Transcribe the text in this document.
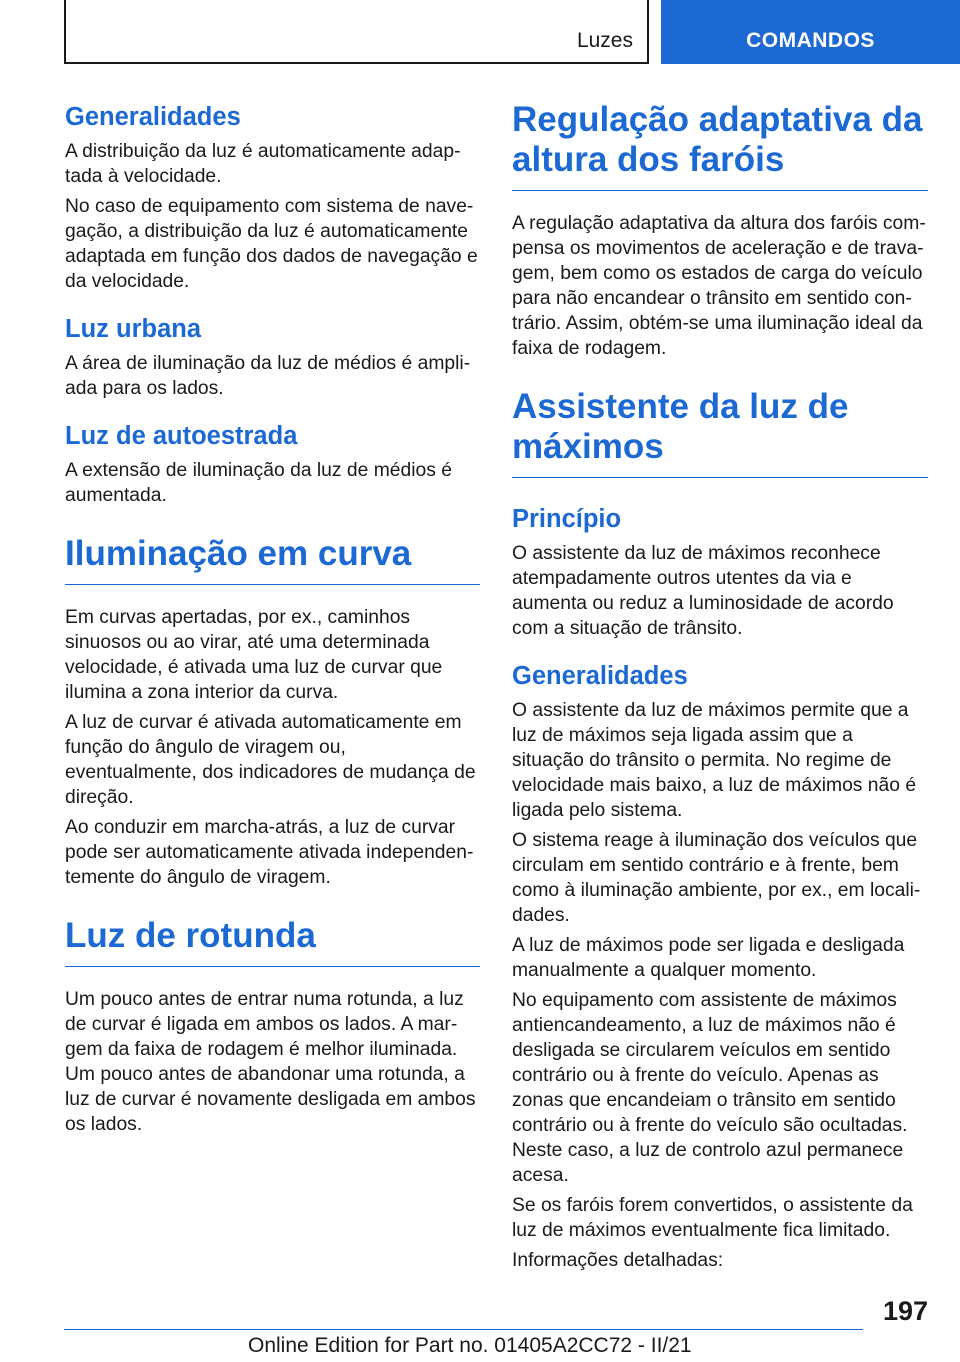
Luzes	COMANDOS
Generalidades

A distribuição da luz é automaticamente adaptada à velocidade.

No caso de equipamento com sistema de navegação, a distribuição da luz é automaticamente adaptada em função dos dados de navegação e da velocidade.

Luz urbana

A área de iluminação da luz de médios é ampliada para os lados.

Luz de autoestrada

A extensão de iluminação da luz de médios é aumentada.

Iluminação em curva

Em curvas apertadas, por ex., caminhos sinuosos ou ao virar, até uma determinada velocidade, é ativada uma luz de curvar que ilumina a zona interior da curva.

A luz de curvar é ativada automaticamente em função do ângulo de viragem ou, eventualmente, dos indicadores de mudança de direção.

Ao conduzir em marcha-atrás, a luz de curvar pode ser automaticamente ativada independentemente do ângulo de viragem.

Luz de rotunda

Um pouco antes de entrar numa rotunda, a luz de curvar é ligada em ambos os lados. A margem da faixa de rodagem é melhor iluminada. Um pouco antes de abandonar uma rotunda, a luz de curvar é novamente desligada em ambos os lados.

Regulação adaptativa da altura dos faróis

A regulação adaptativa da altura dos faróis compensa os movimentos de aceleração e de travagem, bem como os estados de carga do veículo para não encandear o trânsito em sentido contrário. Assim, obtém-se uma iluminação ideal da faixa de rodagem.

Assistente da luz de máximos
Princípio

O assistente da luz de máximos reconhece atempadamente outros utentes da via e aumenta ou reduz a luminosidade de acordo com a situação de trânsito.

Generalidades

O assistente da luz de máximos permite que a luz de máximos seja ligada assim que a situação do trânsito o permita. No regime de velocidade mais baixo, a luz de máximos não é ligada pelo sistema.

O sistema reage à iluminação dos veículos que circulam em sentido contrário e à frente, bem como à iluminação ambiente, por ex., em localidades.

A luz de máximos pode ser ligada e desligada manualmente a qualquer momento.

No equipamento com assistente de máximos antiencandeamento, a luz de máximos não é desligada se circularem veículos em sentido contrário ou à frente do veículo. Apenas as zonas que encandeiam o trânsito em sentido contrário ou à frente do veículo são ocultadas. Neste caso, a luz de controlo azul permanece acesa.

Se os faróis forem convertidos, o assistente da luz de máximos eventualmente fica limitado.

Informações detalhadas:

197
Online Edition for Part no. 01405A2CC72 - II/21
